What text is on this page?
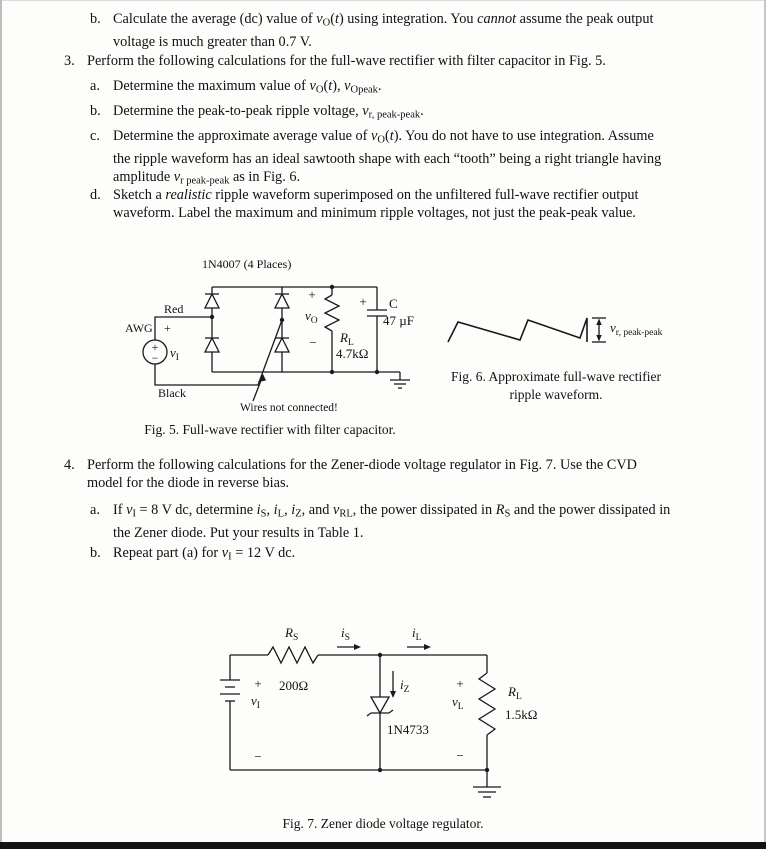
b. Calculate the average (dc) value of vO(t) using integration. You cannot assume the peak output
voltage is much greater than 0.7 V.
3. Perform the following calculations for the full-wave rectifier with filter capacitor in Fig. 5.
a. Determine the maximum value of vO(t), vOpeak.
b. Determine the peak-to-peak ripple voltage, vr, peak-peak.
c. Determine the approximate average value of vO(t). You do not have to use integration. Assume
the ripple waveform has an ideal sawtooth shape with each “tooth” being a right triangle having
amplitude vr peak-peak as in Fig. 6.
d. Sketch a realistic ripple waveform superimposed on the unfiltered full-wave rectifier output
waveform. Label the maximum and minimum ripple voltages, not just the peak-peak value.
4. Perform the following calculations for the Zener-diode voltage regulator in Fig. 7. Use the CVD
model for the diode in reverse bias.
a. If vI = 8 V dc, determine iS, iL, iZ, and vRL, the power dissipated in RS and the power dissipated in
the Zener diode. Put your results in Table 1.
b. Repeat part (a) for vI = 12 V dc.
+
−
1N4007 (4 Places)
AWG +
Red
Black
$v_I$
+
$v_O$
− $R_L$
4.7kΩ
+ C
47 µF
Wires not connected!
Fig. 5. Full-wave rectifier with filter capacitor.
$v_{r, peak-peak}$
Fig. 6. Approximate full-wave rectifier
ripple waveform.
$R_S$
200Ω
$i_S$	$i_L$
$i_Z$
+
$v_I$
−
1N4733
+
$v_L$
−
$R_L$
1.5kΩ
Fig. 7. Zener diode voltage regulator.
